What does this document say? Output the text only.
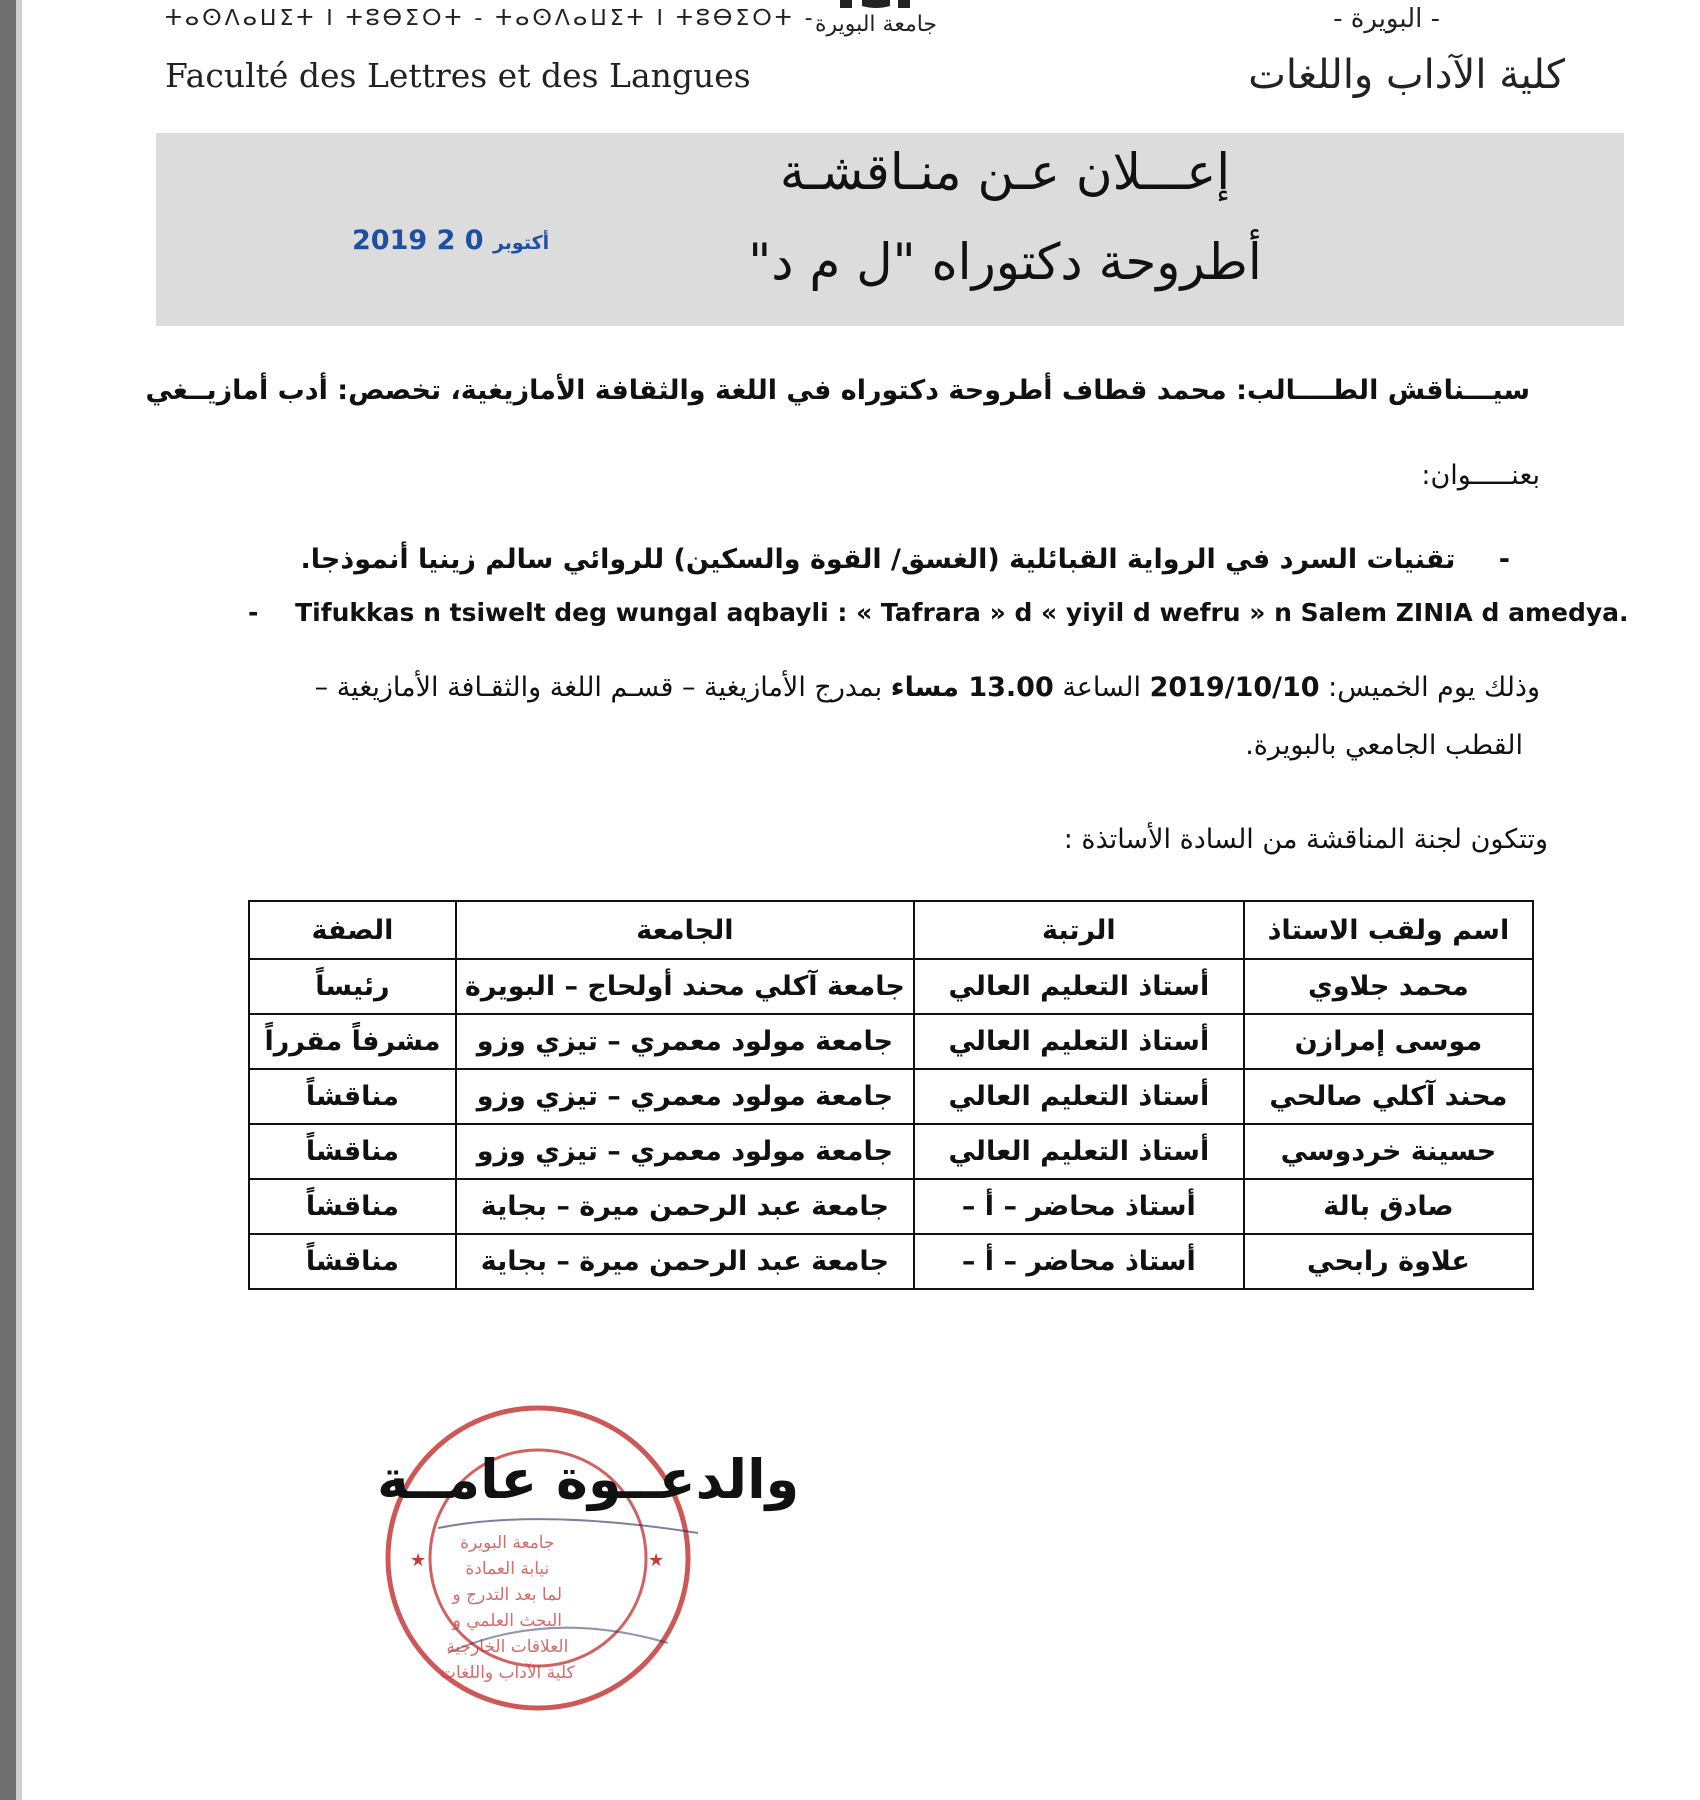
ⵜⴰⵙⴷⴰⵡⵉⵜ ⵏ ⵜⵓⴱⵉⵔⵜ - ⵜⴰⵙⴷⴰⵡⵉⵜ ⵏ ⵜⵓⴱⵉⵔⵜ -
Faculté des Lettres et des Langues
جامعة البويرة	- البويرة -
كلية الآداب واللغات
إعـــلان عـن منـاقشـة
أطروحة دكتوراه "ل م د"
2019	أكتوبر 0 2
سيـــناقش الطــــالب: محمد قطاف أطروحة دكتوراه في اللغة والثقافة الأمازيغية، تخصص: أدب أمازيــغي
بعنـــــوان:
- تقنيات السرد في الرواية القبائلية (الغسق/ القوة والسكين) للروائي سالم زينيا أنموذجا.
- Tifukkas n tsiwelt deg wungal aqbayli : « Tafrara » d « yiyil d wefru » n Salem ZINIA d amedya.
وذلك يوم الخميس: 2019/10/10 الساعة 13.00 مساء بمدرج الأمازيغية – قسـم اللغة والثقـافة الأمازيغية –
القطب الجامعي بالبويرة.
وتتكون لجنة المناقشة من السادة الأساتذة :
اسم ولقب الاستاذ	الرتبة	الجامعة	الصفة
محمد جلاوي	أستاذ التعليم العالي	جامعة آكلي محند أولحاج – البويرة	رئيساً
موسى إمرازن	أستاذ التعليم العالي	جامعة مولود معمري – تيزي وزو	مشرفاً مقرراً
محند آكلي صالحي	أستاذ التعليم العالي	جامعة مولود معمري – تيزي وزو	مناقشاً
حسينة خردوسي	أستاذ التعليم العالي	جامعة مولود معمري – تيزي وزو	مناقشاً
صادق بالة	أستاذ محاضر – أ –	جامعة عبد الرحمن ميرة – بجاية	مناقشاً
علاوة رابحي	أستاذ محاضر – أ –	جامعة عبد الرحمن ميرة – بجاية	مناقشاً
★	★
جامعة البويرة
نيابة العمادة
لما بعد التدرج و
البحث العلمي و
العلاقات الخارجية
كلية الآداب واللغات
والدعــوة عامــة
